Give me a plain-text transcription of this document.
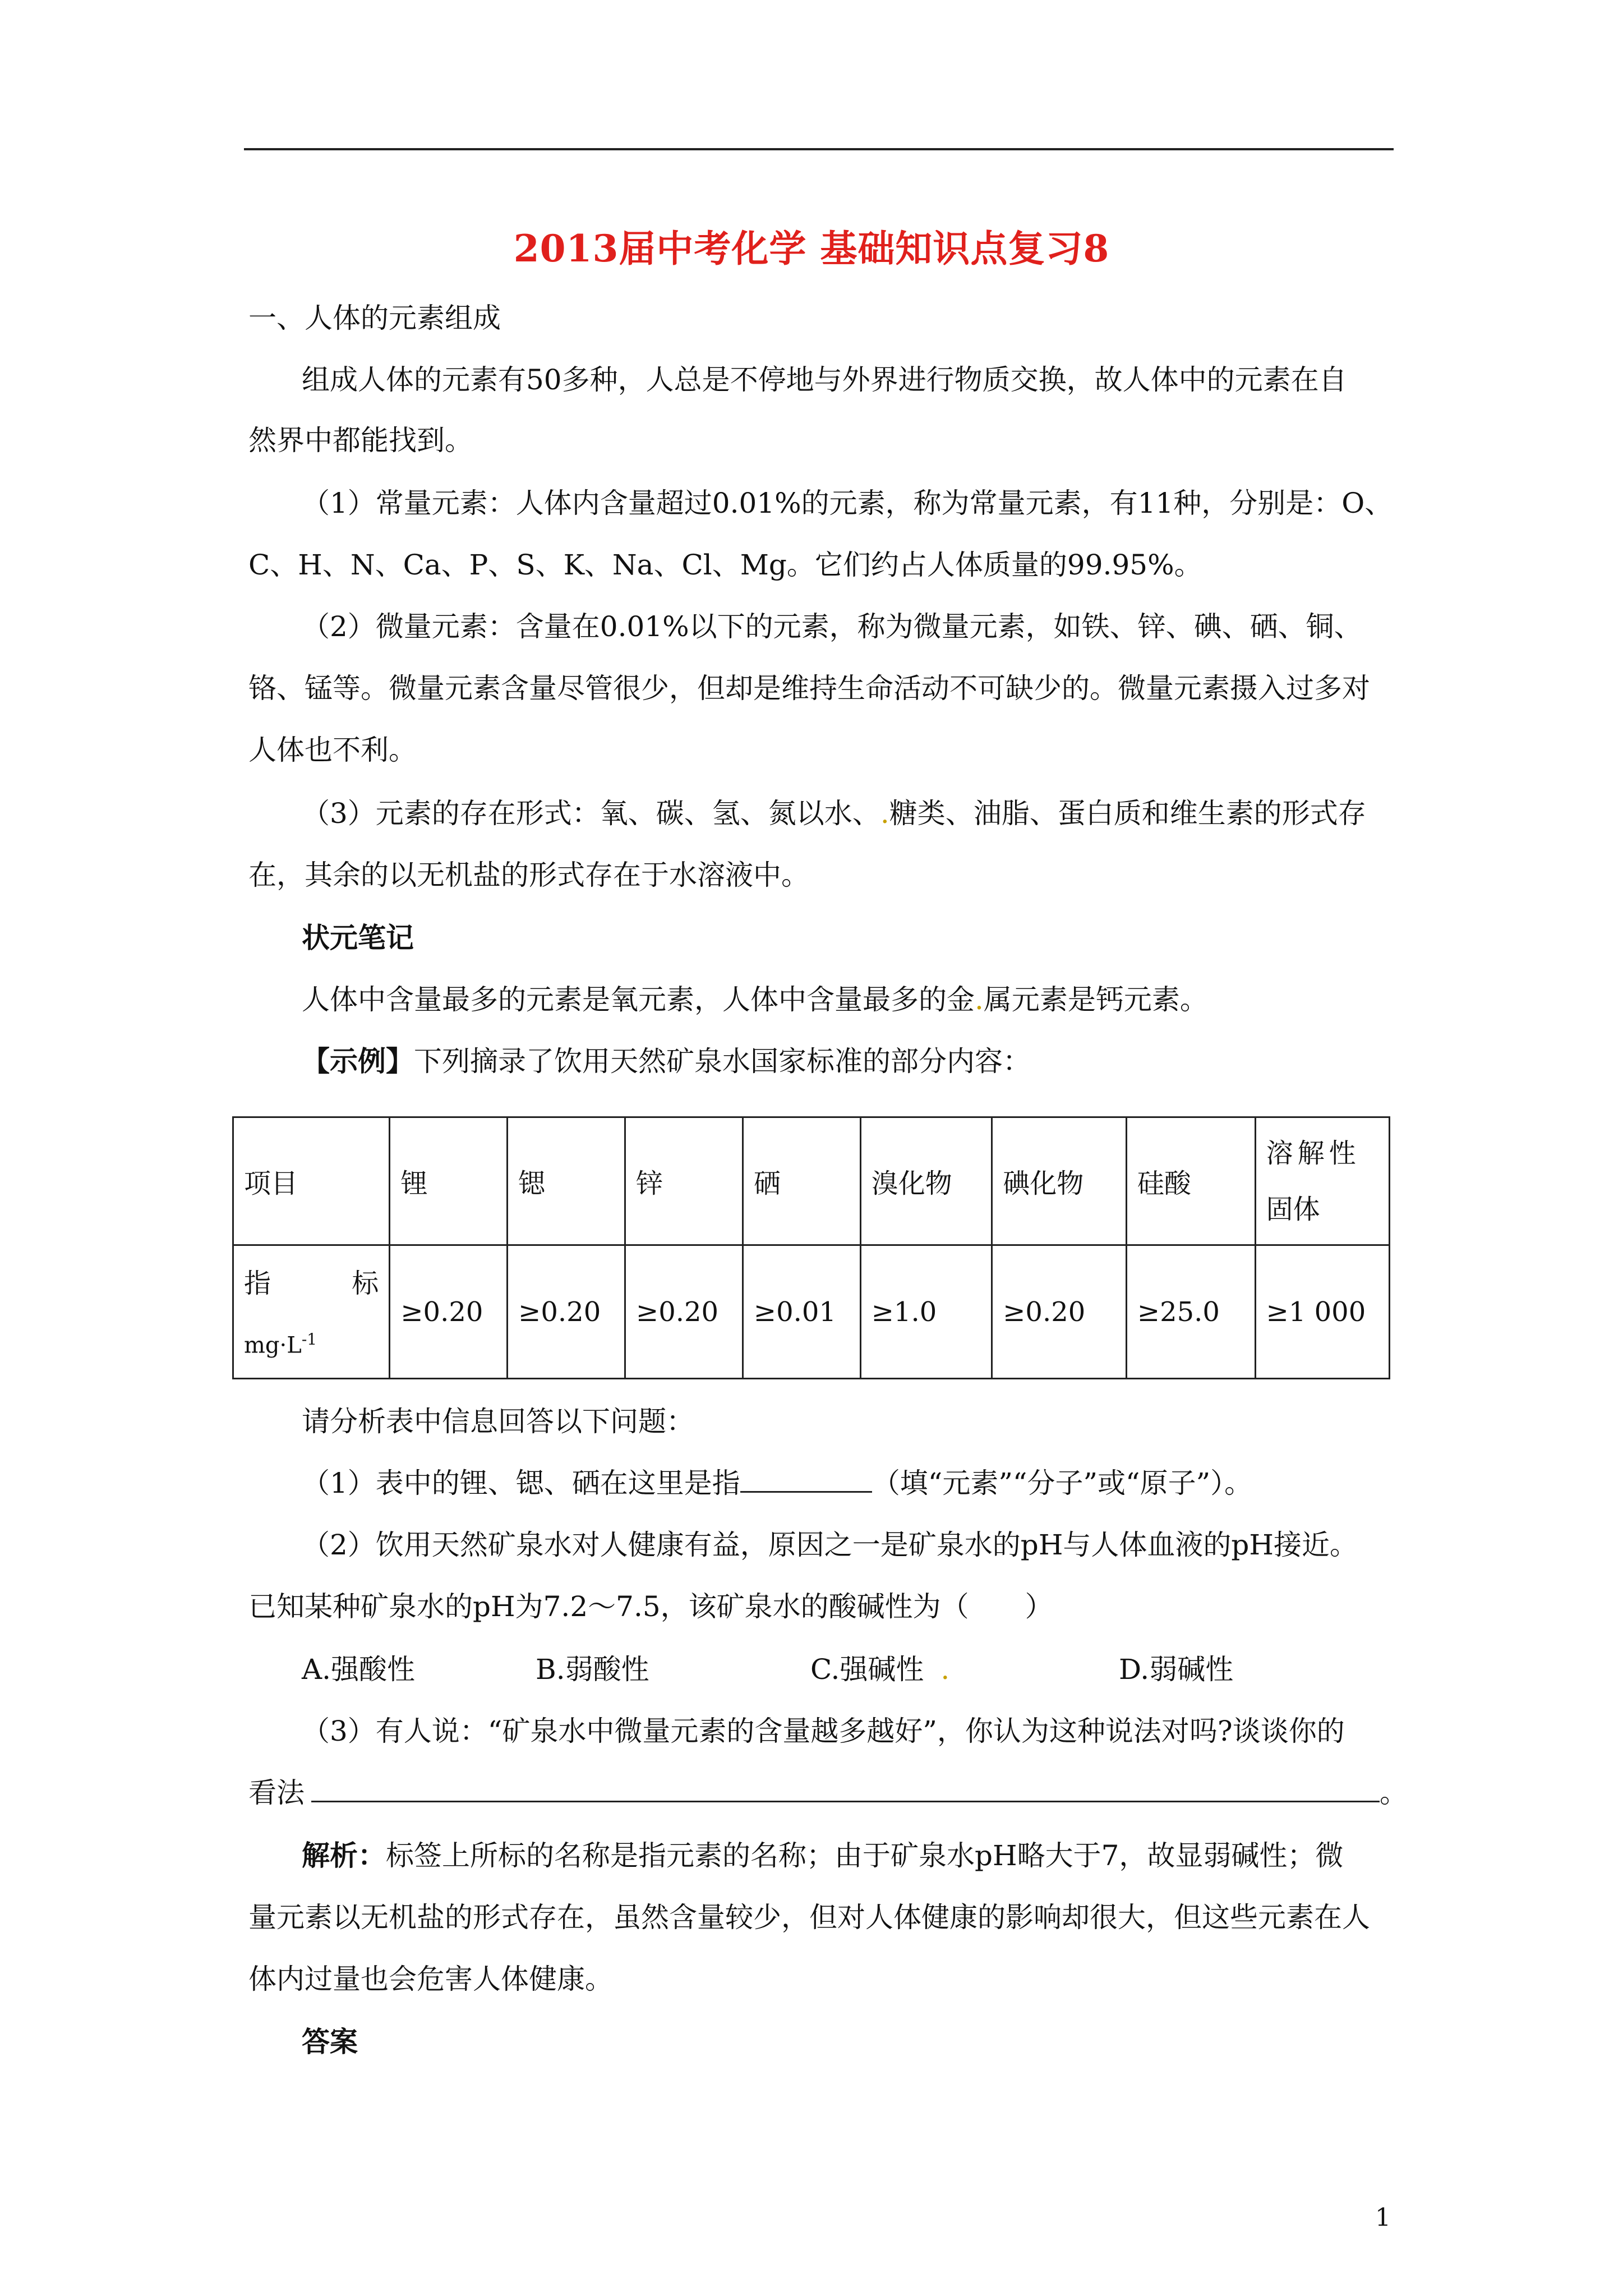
2013届中考化学 基础知识点复习8
一、人体的元素组成
组成人体的元素有50多种，人总是不停地与外界进行物质交换，故人体中的元素在自
然界中都能找到。
（1）常量元素：人体内含量超过0.01%的元素，称为常量元素，有11种，分别是：O、
C、H、N、Ca、P、S、K、Na、Cl、Mg。它们约占人体质量的99.95%。
（2）微量元素：含量在0.01%以下的元素，称为微量元素，如铁、锌、碘、硒、铜、
铬、锰等。微量元素含量尽管很少，但却是维持生命活动不可缺少的。微量元素摄入过多对
人体也不利。
（3）元素的存在形式：氧、碳、氢、氮以水、.糖类、油脂、蛋白质和维生素的形式存
在，其余的以无机盐的形式存在于水溶液中。
状元笔记
人体中含量最多的元素是氧元素，人体中含量最多的金.属元素是钙元素。
【示例】下列摘录了饮用天然矿泉水国家标准的部分内容：
项目	锂	锶	锌	硒	溴化物	碘化物	硅酸	溶解性
固体

指 标
$mg\cdot L^{-1}$	≥0.20	≥0.20	≥0.20	≥0.01	≥1.0	≥0.20	≥25.0	≥1 000
请分析表中信息回答以下问题：
（1）表中的锂、锶、硒在这里是指	（填“元素”“分子”或“原子”）。
（2）饮用天然矿泉水对人健康有益，原因之一是矿泉水的pH与人体血液的pH接近。
已知某种矿泉水的pH为7.2～7.5，该矿泉水的酸碱性为（　　）
A.强酸性	B.弱酸性	C.强碱性 .	D.弱碱性
（3）有人说：“矿泉水中微量元素的含量越多越好”，你认为这种说法对吗?谈谈你的
看法	。
解析：标签上所标的名称是指元素的名称；由于矿泉水pH略大于7，故显弱碱性；微
量元素以无机盐的形式存在，虽然含量较少，但对人体健康的影响却很大，但这些元素在人
体内过量也会危害人体健康。
答案
1
